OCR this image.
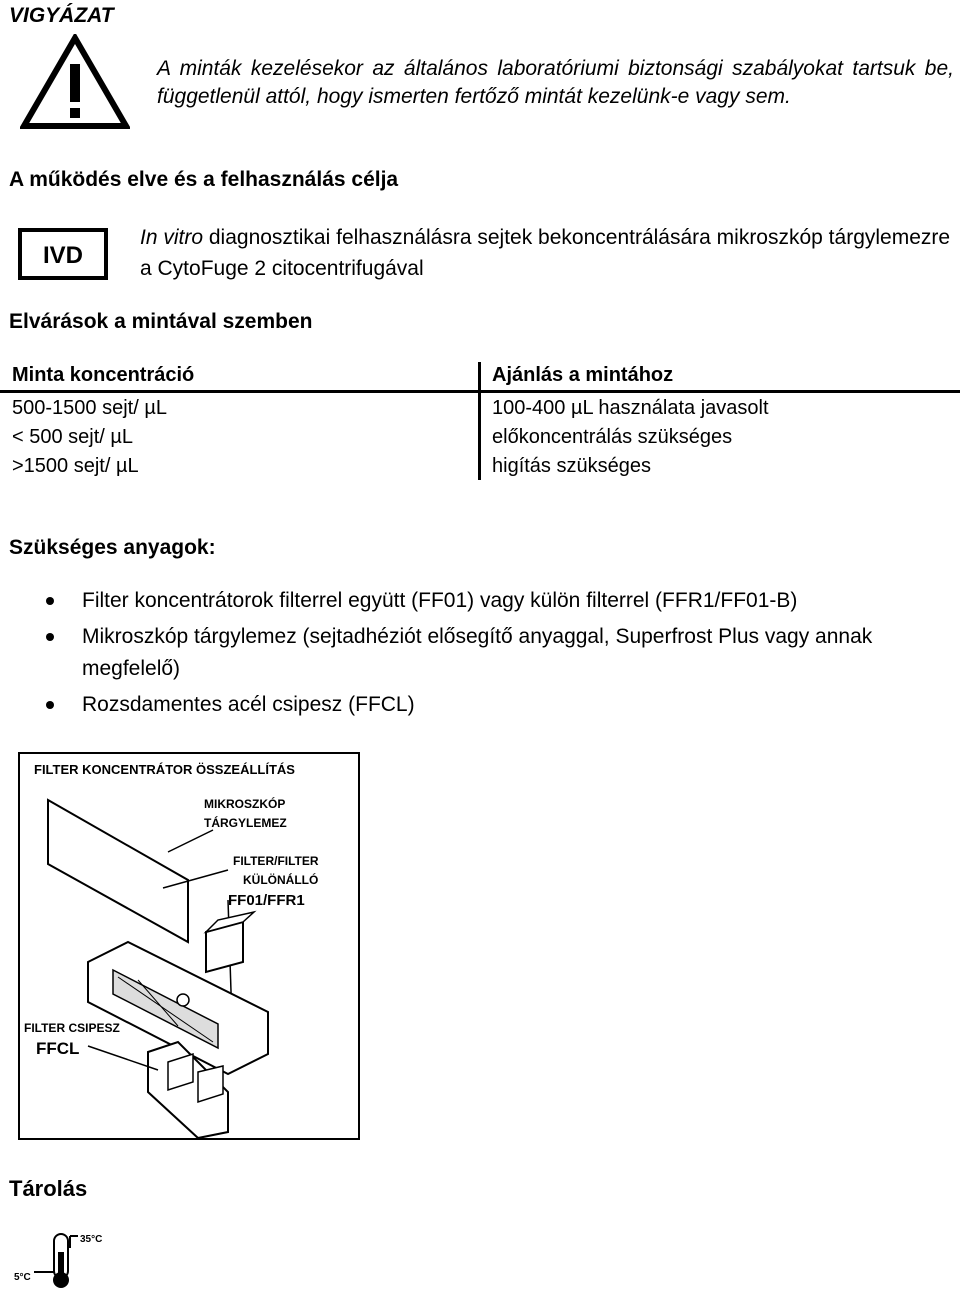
VIGYÁZAT
A minták kezelésekor az általános laboratóriumi biztonsági szabályokat tartsuk be, függetlenül attól, hogy ismerten fertőző mintát kezelünk-e vagy sem.
A működés elve és a felhasználás célja
IVD
In vitro diagnosztikai felhasználásra sejtek bekoncentrálására mikroszkóp tárgylemezre a CytoFuge 2 citocentrifugával
Elvárások a mintával szemben
Minta koncentráció	Ajánlás a mintához
500-1500 sejt/ µL	100-400 µL használata javasolt
< 500 sejt/ µL	előkoncentrálás szükséges
>1500 sejt/ µL	higítás szükséges
Szükséges anyagok:
Filter koncentrátorok filterrel együtt (FF01) vagy külön filterrel (FFR1/FF01-B)
Mikroszkóp tárgylemez (sejtadhéziót elősegítő anyaggal, Superfrost Plus vagy annak megfelelő)
Rozsdamentes acél csipesz (FFCL)
FILTER KONCENTRÁTOR ÖSSZEÁLLÍTÁS
MIKROSZKÓP
TÁRGYLEMEZ
FILTER/FILTER
KÜLÖNÁLLÓ
FF01/FFR1
FILTER CSIPESZ
FFCL
Tárolás
35°C
5°C
